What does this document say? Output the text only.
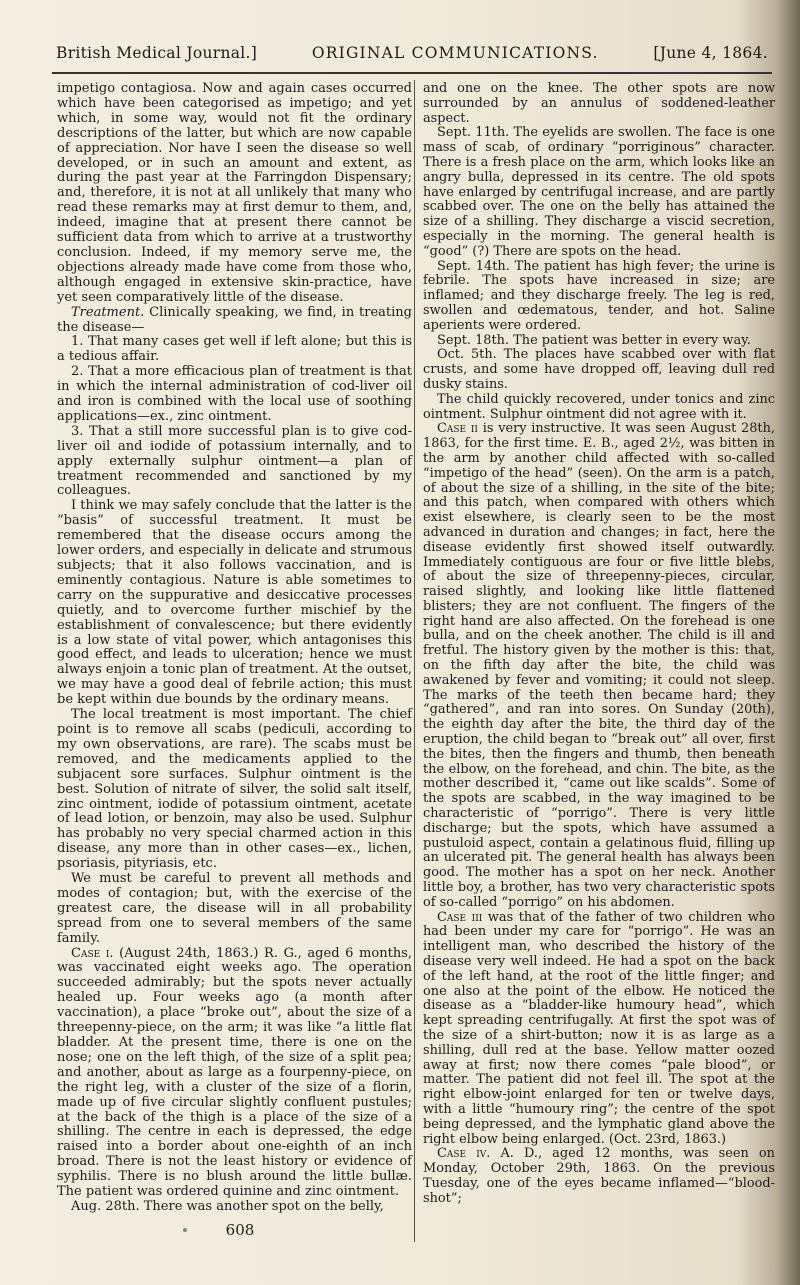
British Medical Journal.]	ORIGINAL COMMUNICATIONS.	[June 4, 1864.

impetigo contagiosa. Now and again cases occurred which have been categorised as impetigo; and yet which, in some way, would not fit the ordinary descriptions of the latter, but which are now capable of appreciation. Nor have I seen the disease so well developed, or in such an amount and extent, as during the past year at the Farringdon Dispensary; and, therefore, it is not at all unlikely that many who read these remarks may at first demur to them, and, indeed, imagine that at present there cannot be sufficient data from which to arrive at a trustworthy conclusion. Indeed, if my memory serve me, the objections already made have come from those who, although engaged in extensive skin-practice, have yet seen comparatively little of the disease.

Treatment. Clinically speaking, we find, in treating the disease—

1. That many cases get well if left alone; but this is a tedious affair.

2. That a more efficacious plan of treatment is that in which the internal administration of cod-liver oil and iron is combined with the local use of soothing applications—ex., zinc ointment.

3. That a still more successful plan is to give cod-liver oil and iodide of potassium internally, and to apply externally sulphur ointment—a plan of treatment recommended and sanctioned by my colleagues.

I think we may safely conclude that the latter is the “basis” of successful treatment. It must be remembered that the disease occurs among the lower orders, and especially in delicate and strumous subjects; that it also follows vaccination, and is eminently contagious. Nature is able sometimes to carry on the suppurative and desiccative processes quietly, and to overcome further mischief by the establishment of convalescence; but there evidently is a low state of vital power, which antagonises this good effect, and leads to ulceration; hence we must always enjoin a tonic plan of treatment. At the outset, we may have a good deal of febrile action; this must be kept within due bounds by the ordinary means.

The local treatment is most important. The chief point is to remove all scabs (pediculi, according to my own observations, are rare). The scabs must be removed, and the medicaments applied to the subjacent sore surfaces. Sulphur ointment is the best. Solution of nitrate of silver, the solid salt itself, zinc ointment, iodide of potassium ointment, acetate of lead lotion, or benzoin, may also be used. Sulphur has probably no very special charmed action in this disease, any more than in other cases—ex., lichen, psoriasis, pityriasis, etc.

We must be careful to prevent all methods and modes of contagion; but, with the exercise of the greatest care, the disease will in all probability spread from one to several members of the same family.

Case i. (August 24th, 1863.) R. G., aged 6 months, was vaccinated eight weeks ago. The operation succeeded admirably; but the spots never actually healed up. Four weeks ago (a month after vaccination), a place “broke out”, about the size of a threepenny-piece, on the arm; it was like “a little flat bladder. At the present time, there is one on the nose; one on the left thigh, of the size of a split pea; and another, about as large as a fourpenny-piece, on the right leg, with a cluster of the size of a florin, made up of five circular slightly confluent pustules; at the back of the thigh is a place of the size of a shilling. The centre in each is depressed, the edge raised into a border about one-eighth of an inch broad. There is not the least history or evidence of syphilis. There is no blush around the little bullæ. The patient was ordered quinine and zinc ointment.

Aug. 28th. There was another spot on the belly,

and one on the knee. The other spots are now surrounded by an annulus of soddened-leather aspect.

Sept. 11th. The eyelids are swollen. The face is one mass of scab, of ordinary “porriginous” character. There is a fresh place on the arm, which looks like an angry bulla, depressed in its centre. The old spots have enlarged by centrifugal increase, and are partly scabbed over. The one on the belly has attained the size of a shilling. They discharge a viscid secretion, especially in the morning. The general health is “good” (?) There are spots on the head.

Sept. 14th. The patient has high fever; the urine is febrile. The spots have increased in size; are inflamed; and they discharge freely. The leg is red, swollen and œdematous, tender, and hot. Saline aperients were ordered.

Sept. 18th. The patient was better in every way.

Oct. 5th. The places have scabbed over with flat crusts, and some have dropped off, leaving dull red dusky stains.

The child quickly recovered, under tonics and zinc ointment. Sulphur ointment did not agree with it.

Case ii is very instructive. It was seen August 28th, 1863, for the first time. E. B., aged 2½, was bitten in the arm by another child affected with so-called “impetigo of the head” (seen). On the arm is a patch, of about the size of a shilling, in the site of the bite; and this patch, when compared with others which exist elsewhere, is clearly seen to be the most advanced in duration and changes; in fact, here the disease evidently first showed itself outwardly. Immediately contiguous are four or five little blebs, of about the size of threepenny-pieces, circular, raised slightly, and looking like little flattened blisters; they are not confluent. The fingers of the right hand are also affected. On the forehead is one bulla, and on the cheek another. The child is ill and fretful. The history given by the mother is this: that, on the fifth day after the bite, the child was awakened by fever and vomiting; it could not sleep. The marks of the teeth then became hard; they “gathered”, and ran into sores. On Sunday (20th), the eighth day after the bite, the third day of the eruption, the child began to “break out” all over, first the bites, then the fingers and thumb, then beneath the elbow, on the forehead, and chin. The bite, as the mother described it, “came out like scalds”. Some of the spots are scabbed, in the way imagined to be characteristic of “porrigo”. There is very little discharge; but the spots, which have assumed a pustuloid aspect, contain a gelatinous fluid, filling up an ulcerated pit. The general health has always been good. The mother has a spot on her neck. Another little boy, a brother, has two very characteristic spots of so-called “porrigo” on his abdomen.

Case iii was that of the father of two children who had been under my care for “porrigo”. He was an intelligent man, who described the history of the disease very well indeed. He had a spot on the back of the left hand, at the root of the little finger; and one also at the point of the elbow. He noticed the disease as a “bladder-like humoury head”, which kept spreading centrifugally. At first the spot was of the size of a shirt-button; now it is as large as a shilling, dull red at the base. Yellow matter oozed away at first; now there comes “pale blood”, or matter. The patient did not feel ill. The spot at the right elbow-joint enlarged for ten or twelve days, with a little “humoury ring”; the centre of the spot being depressed, and the lymphatic gland above the right elbow being enlarged. (Oct. 23rd, 1863.)

Case iv. A. D., aged 12 months, was seen on Monday, October 29th, 1863. On the previous Tuesday, one of the eyes became inflamed—“blood-shot”;

608
